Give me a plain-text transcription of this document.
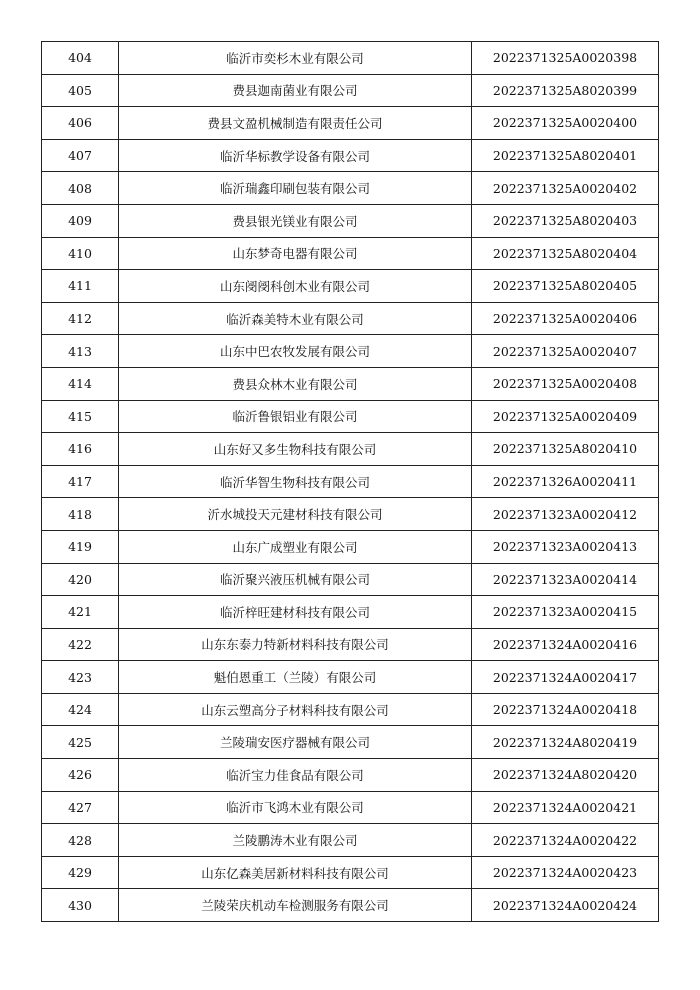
404	临沂市奕杉木业有限公司	2022371325A0020398
405	费县迦南菌业有限公司	2022371325A8020399
406	费县文盈机械制造有限责任公司	2022371325A0020400
407	临沂华标教学设备有限公司	2022371325A8020401
408	临沂瑞鑫印刷包装有限公司	2022371325A0020402
409	费县银光镁业有限公司	2022371325A8020403
410	山东梦奇电器有限公司	2022371325A8020404
411	山东阌阌科创木业有限公司	2022371325A8020405
412	临沂森美特木业有限公司	2022371325A0020406
413	山东中巴农牧发展有限公司	2022371325A0020407
414	费县众林木业有限公司	2022371325A0020408
415	临沂鲁银铝业有限公司	2022371325A0020409
416	山东好又多生物科技有限公司	2022371325A8020410
417	临沂华智生物科技有限公司	2022371326A0020411
418	沂水城投天元建材科技有限公司	2022371323A0020412
419	山东广成塑业有限公司	2022371323A0020413
420	临沂聚兴液压机械有限公司	2022371323A0020414
421	临沂梓旺建材科技有限公司	2022371323A0020415
422	山东东泰力特新材料科技有限公司	2022371324A0020416
423	魁伯恩重工（兰陵）有限公司	2022371324A0020417
424	山东云塑高分子材料科技有限公司	2022371324A0020418
425	兰陵瑞安医疗器械有限公司	2022371324A8020419
426	临沂宝力佳食品有限公司	2022371324A8020420
427	临沂市飞鸿木业有限公司	2022371324A0020421
428	兰陵鹏涛木业有限公司	2022371324A0020422
429	山东亿森美居新材料科技有限公司	2022371324A0020423
430	兰陵荣庆机动车检测服务有限公司	2022371324A0020424
